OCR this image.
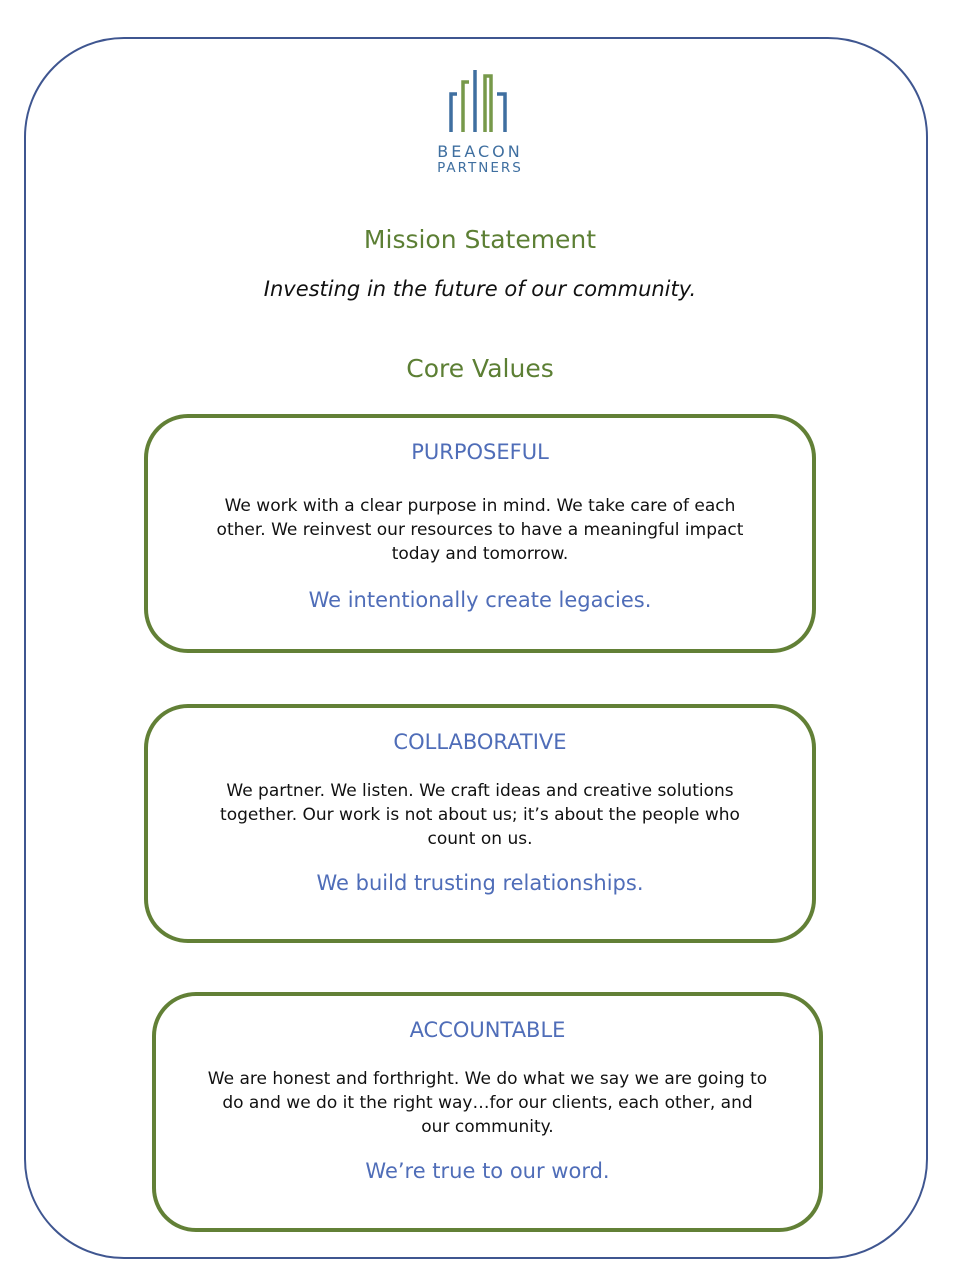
BEACON
PARTNERS
Mission Statement
Investing in the future of our community.
Core Values
PURPOSEFUL
We work with a clear purpose in mind. We take care of each other. We reinvest our resources to have a meaningful impact today and tomorrow.
We intentionally create legacies.
COLLABORATIVE
We partner. We listen. We craft ideas and creative solutions together. Our work is not about us; it’s about the people who count on us.
We build trusting relationships.
ACCOUNTABLE
We are honest and forthright. We do what we say we are going to do and we do it the right way…for our clients, each other, and our community.
We’re true to our word.
